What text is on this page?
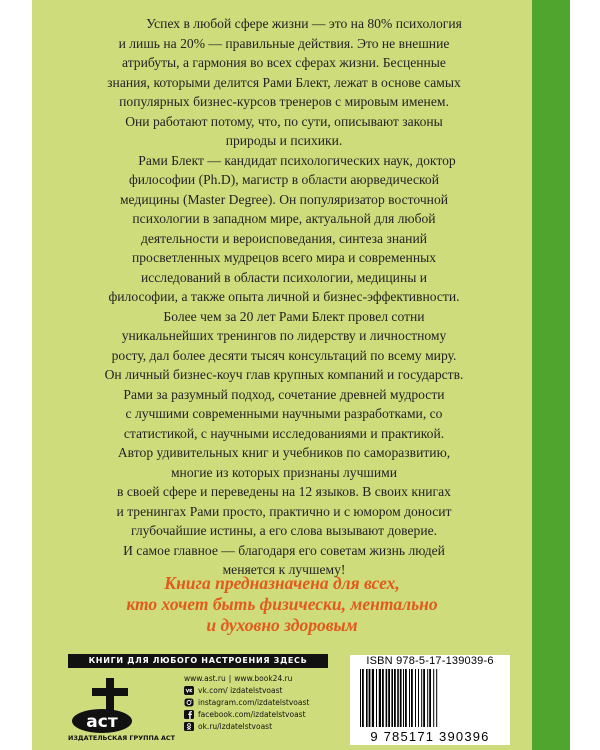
Успех в любой сфере жизни — это на 80% психология
и лишь на 20% — правильные действия. Это не внешние
атрибуты, а гармония во всех сферах жизни. Бесценные
знания, которыми делится Рами Блект, лежат в основе самых
популярных бизнес-курсов тренеров с мировым именем.
Они работают потому, что, по сути, описывают законы
природы и психики.

Рами Блект — кандидат психологических наук, доктор
философии (Ph.D), магистр в области аюрведической
медицины (Master Degree). Он популяризатор восточной
психологии в западном мире, актуальной для любой
деятельности и вероисповедания, синтеза знаний
просветленных мудрецов всего мира и современных
исследований в области психологии, медицины и
философии, а также опыта личной и бизнес-эффективности.

Более чем за 20 лет Рами Блект провел сотни
уникальнейших тренингов по лидерству и личностному
росту, дал более десяти тысяч консультаций по всему миру.
Он личный бизнес-коуч глав крупных компаний и государств.
Рами за разумный подход, сочетание древней мудрости
с лучшими современными научными разработками, со
статистикой, с научными исследованиями и практикой.
Автор удивительных книг и учебников по саморазвитию,
многие из которых признаны лучшими
в своей сфере и переведены на 12 языков. В своих книгах
и тренингах Рами просто, практично и с юмором доносит
глубочайшие истины, а его слова вызывают доверие.
И самое главное — благодаря его советам жизнь людей
меняется к лучшему!

Книга предназначена для всех,
кто хочет быть физически, ментально
и духовно здоровым
КНИГИ ДЛЯ ЛЮБОГО НАСТРОЕНИЯ ЗДЕСЬ
аст
ИЗДАТЕЛЬСКАЯ ГРУППА АСТ
www.ast.ru | www.book24.ru
vk.com/ izdatelstvoast
instagram.com/izdatelstvoast
facebook.com/izdatelstvoast
ok.ru/izdatelstvoast
ISBN 978-5-17-139039-6
9 785171 390396
